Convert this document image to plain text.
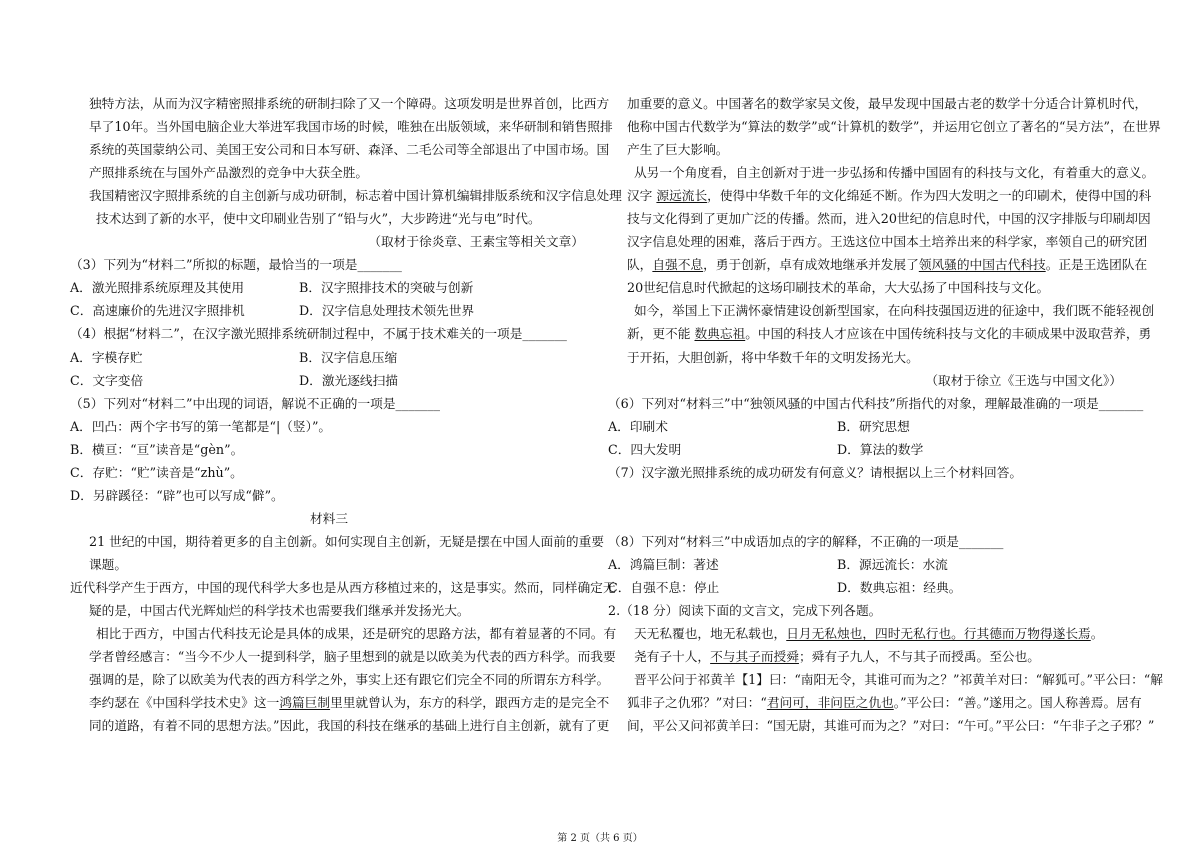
独特方法，从而为汉字精密照排系统的研制扫除了又一个障碍。这项发明是世界首创，比西方
早了10年。当外国电脑企业大举进军我国市场的时候，唯独在出版领域，来华研制和销售照排
系统的英国蒙纳公司、美国王安公司和日本写研、森泽、二毛公司等全部退出了中国市场。国
产照排系统在与国外产品激烈的竞争中大获全胜。
我国精密汉字照排系统的自主创新与成功研制，标志着中国计算机编辑排版系统和汉字信息处理
技术达到了新的水平，使中文印刷业告别了“铅与火”，大步跨进“光与电”时代。
（取材于徐炎章、王素宝等相关文章）
（3）下列为“材料二”所拟的标题，最恰当的一项是_______
A．激光照排系统原理及其使用	B．汉字照排技术的突破与创新
C．高速廉价的先进汉字照排机	D．汉字信息处理技术领先世界
（4）根据“材料二”，在汉字激光照排系统研制过程中，不属于技术难关的一项是_______
A．字模存贮	B．汉字信息压缩
C．文字变倍	D．激光逐线扫描
（5）下列对“材料二”中出现的词语，解说不正确的一项是_______
A．凹凸：两个字书写的第一笔都是“|（竖）”。
B．横亘：“亘”读音是“gèn”。
C．存贮：“贮”读音是“zhù”。
D．另辟蹊径：“辟”也可以写成“僻”。
材料三
21 世纪的中国，期待着更多的自主创新。如何实现自主创新，无疑是摆在中国人面前的重要
课题。
近代科学产生于西方，中国的现代科学大多也是从西方移植过来的，这是事实。然而，同样确定无
疑的是，中国古代光辉灿烂的科学技术也需要我们继承并发扬光大。
相比于西方，中国古代科技无论是具体的成果，还是研究的思路方法，都有着显著的不同。有
学者曾经感言：“当今不少人一提到科学，脑子里想到的就是以欧美为代表的西方科学。而我要
强调的是，除了以欧美为代表的西方科学之外，事实上还有跟它们完全不同的所谓东方科学。
李约瑟在《中国科学技术史》这一鸿篇巨制里里就曾认为，东方的科学，跟西方走的是完全不
同的道路，有着不同的思想方法。”因此，我国的科技在继承的基础上进行自主创新，就有了更
加重要的意义。中国著名的数学家吴文俊，最早发现中国最古老的数学十分适合计算机时代，
他称中国古代数学为“算法的数学”或“计算机的数学”，并运用它创立了著名的“吴方法”，在世界
产生了巨大影响。
从另一个角度看，自主创新对于进一步弘扬和传播中国固有的科技与文化，有着重大的意义。
汉字 源远流长，使得中华数千年的文化绵延不断。作为四大发明之一的印刷术，使得中国的科
技与文化得到了更加广泛的传播。然而，进入20世纪的信息时代，中国的汉字排版与印刷却因
汉字信息处理的困难，落后于西方。王选这位中国本土培养出来的科学家，率领自己的研究团
队，自强不息，勇于创新，卓有成效地继承并发展了领风骚的中国古代科技。正是王选团队在
20世纪信息时代掀起的这场印刷技术的革命，大大弘扬了中国科技与文化。
如今，举国上下正满怀豪情建设创新型国家，在向科技强国迈进的征途中，我们既不能轻视创
新，更不能 数典忘祖。中国的科技人才应该在中国传统科技与文化的丰硕成果中汲取营养，勇
于开拓，大胆创新，将中华数千年的文明发扬光大。
（取材于徐立《王选与中国文化》）
（6）下列对“材料三”中“独领风骚的中国古代科技”所指代的对象，理解最准确的一项是_______
A．印刷术	B．研究思想
C．四大发明	D．算法的数学
（7）汉字激光照排系统的成功研发有何意义？请根据以上三个材料回答。
（8）下列对“材料三”中成语加点的字的解释，不正确的一项是_______
A．鸿篇巨制：著述	B．源远流长：水流
C．自强不息：停止	D．数典忘祖：经典。
2.（18 分）阅读下面的文言文，完成下列各题。
天无私覆也，地无私载也，日月无私烛也，四时无私行也。行其德而万物得遂长焉。
尧有子十人，不与其子而授舜；舜有子九人，不与其子而授禹。至公也。
晋平公问于祁黄羊【1】曰：“南阳无令，其谁可而为之？”祁黄羊对曰：“解狐可。”平公曰：“解
狐非子之仇邪？”对曰：“君问可，非问臣之仇也。”平公曰：“善。”遂用之。国人称善焉。居有
间，平公又问祁黄羊曰：“国无尉，其谁可而为之？”对曰：“午可。”平公曰：“午非子之子邪？”
第 2 页（共 6 页）
